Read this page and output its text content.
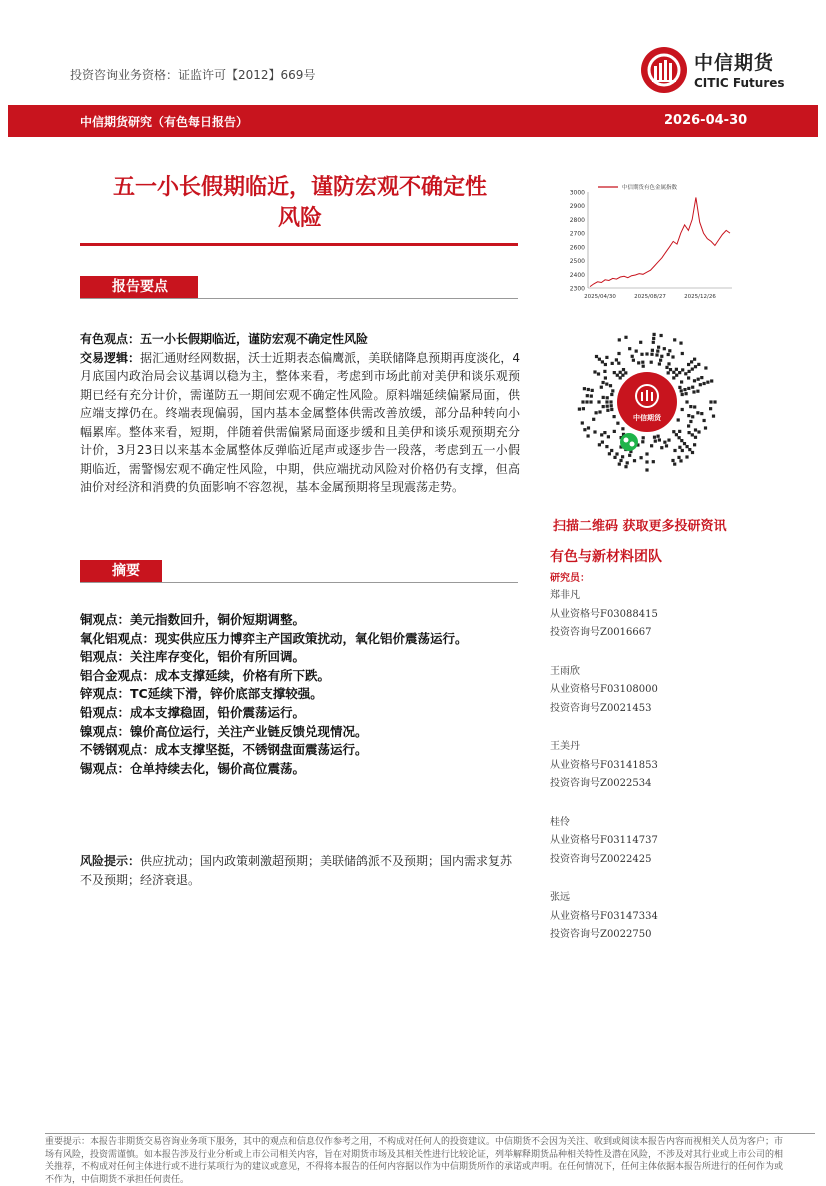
投资咨询业务资格：证监许可【2012】669号
中信期货
CITIC Futures
中信期货研究（有色每日报告）	2026-04-30
五一小长假期临近，谨防宏观不确定性
风险
报告要点
有色观点：五一小长假期临近，谨防宏观不确定性风险
交易逻辑：据汇通财经网数据，沃士近期表态偏鹰派，美联储降息预期再度淡化，4月底国内政治局会议基调以稳为主，整体来看，考虑到市场此前对美伊和谈乐观预期已经有充分计价，需谨防五一期间宏观不确定性风险。原料端延续偏紧局面，供应端支撑仍在。终端表现偏弱，国内基本金属整体供需改善放缓，部分品种转向小幅累库。整体来看，短期，伴随着供需偏紧局面逐步缓和且美伊和谈乐观预期充分计价，3月23日以来基本金属整体反弹临近尾声或逐步告一段落，考虑到五一小假期临近，需警惕宏观不确定性风险，中期，供应端扰动风险对价格仍有支撑，但高油价对经济和消费的负面影响不容忽视，基本金属预期将呈现震荡走势。
摘要
铜观点：美元指数回升，铜价短期调整。
氧化铝观点：现实供应压力博弈主产国政策扰动，氧化铝价震荡运行。
铝观点：关注库存变化，铝价有所回调。
铝合金观点：成本支撑延续，价格有所下跌。
锌观点：TC延续下滑，锌价底部支撑较强。
铅观点：成本支撑稳固，铅价震荡运行。
镍观点：镍价高位运行，关注产业链反馈兑现情况。
不锈钢观点：成本支撑坚挺，不锈钢盘面震荡运行。
锡观点：仓单持续去化，锡价高位震荡。
风险提示：供应扰动；国内政策刺激超预期；美联储鸽派不及预期；国内需求复苏不及预期；经济衰退。
3000
2900
2800
2700
2600
2500
2400
2300
2025/04/30	2025/08/27	2025/12/26
中信期货有色金属指数
中信期货
扫描二维码 获取更多投研资讯
有色与新材料团队
研究员：
郑非凡
从业资格号F03088415
投资咨询号Z0016667
王雨欣
从业资格号F03108000
投资咨询号Z0021453
王美丹
从业资格号F03141853
投资咨询号Z0022534
桂伶
从业资格号F03114737
投资咨询号Z0022425
张远
从业资格号F03147334
投资咨询号Z0022750
重要提示：本报告非期货交易咨询业务项下服务，其中的观点和信息仅作参考之用，不构成对任何人的投资建议。中信期货不会因为关注、收到或阅读本报告内容而视相关人员为客户；市场有风险，投资需谨慎。如本报告涉及行业分析或上市公司相关内容，旨在对期货市场及其相关性进行比较论证，列举解释期货品种相关特性及潜在风险，不涉及对其行业或上市公司的相关推荐，不构成对任何主体进行或不进行某项行为的建议或意见，不得将本报告的任何内容据以作为中信期货所作的承诺或声明。在任何情况下，任何主体依据本报告所进行的任何作为或不作为，中信期货不承担任何责任。
